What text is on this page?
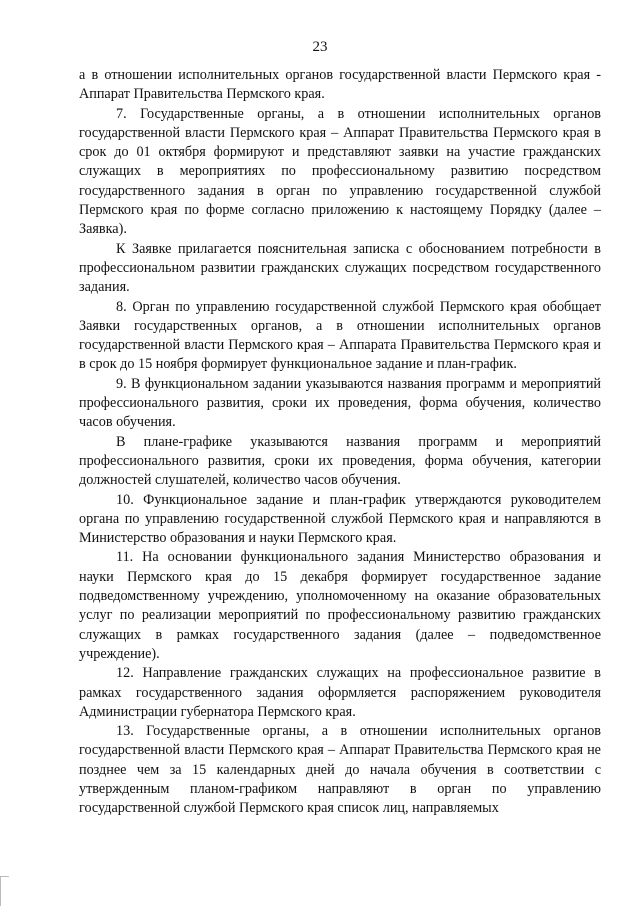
23

а в отношении исполнительных органов государственной власти Пермского края - Аппарат Правительства Пермского края.

7. Государственные органы, а в отношении исполнительных органов государственной власти Пермского края – Аппарат Правительства Пермского края в срок до 01 октября формируют и представляют заявки на участие гражданских служащих в мероприятиях по профессиональному развитию посредством государственного задания в орган по управлению государственной службой Пермского края по форме согласно приложению к настоящему Порядку (далее – Заявка).

К Заявке прилагается пояснительная записка с обоснованием потребности в профессиональном развитии гражданских служащих посредством государственного задания.

8. Орган по управлению государственной службой Пермского края обобщает Заявки государственных органов, а в отношении исполнительных органов государственной власти Пермского края – Аппарата Правительства Пермского края и в срок до 15 ноября формирует функциональное задание и план-график.

9. В функциональном задании указываются названия программ и мероприятий профессионального развития, сроки их проведения, форма обучения, количество часов обучения.

В плане-графике указываются названия программ и мероприятий профессионального развития, сроки их проведения, форма обучения, категории должностей слушателей, количество часов обучения.

10. Функциональное задание и план-график утверждаются руководителем органа по управлению государственной службой Пермского края и направляются в Министерство образования и науки Пермского края.

11. На основании функционального задания Министерство образования и науки Пермского края до 15 декабря формирует государственное задание подведомственному учреждению, уполномоченному на оказание образовательных услуг по реализации мероприятий по профессиональному развитию гражданских служащих в рамках государственного задания (далее – подведомственное учреждение).

12. Направление гражданских служащих на профессиональное развитие в рамках государственного задания оформляется распоряжением руководителя Администрации губернатора Пермского края.

13. Государственные органы, а в отношении исполнительных органов государственной власти Пермского края – Аппарат Правительства Пермского края не позднее чем за 15 календарных дней до начала обучения в соответствии с утвержденным планом-графиком направляют в орган по управлению государственной службой Пермского края список лиц, направляемых
